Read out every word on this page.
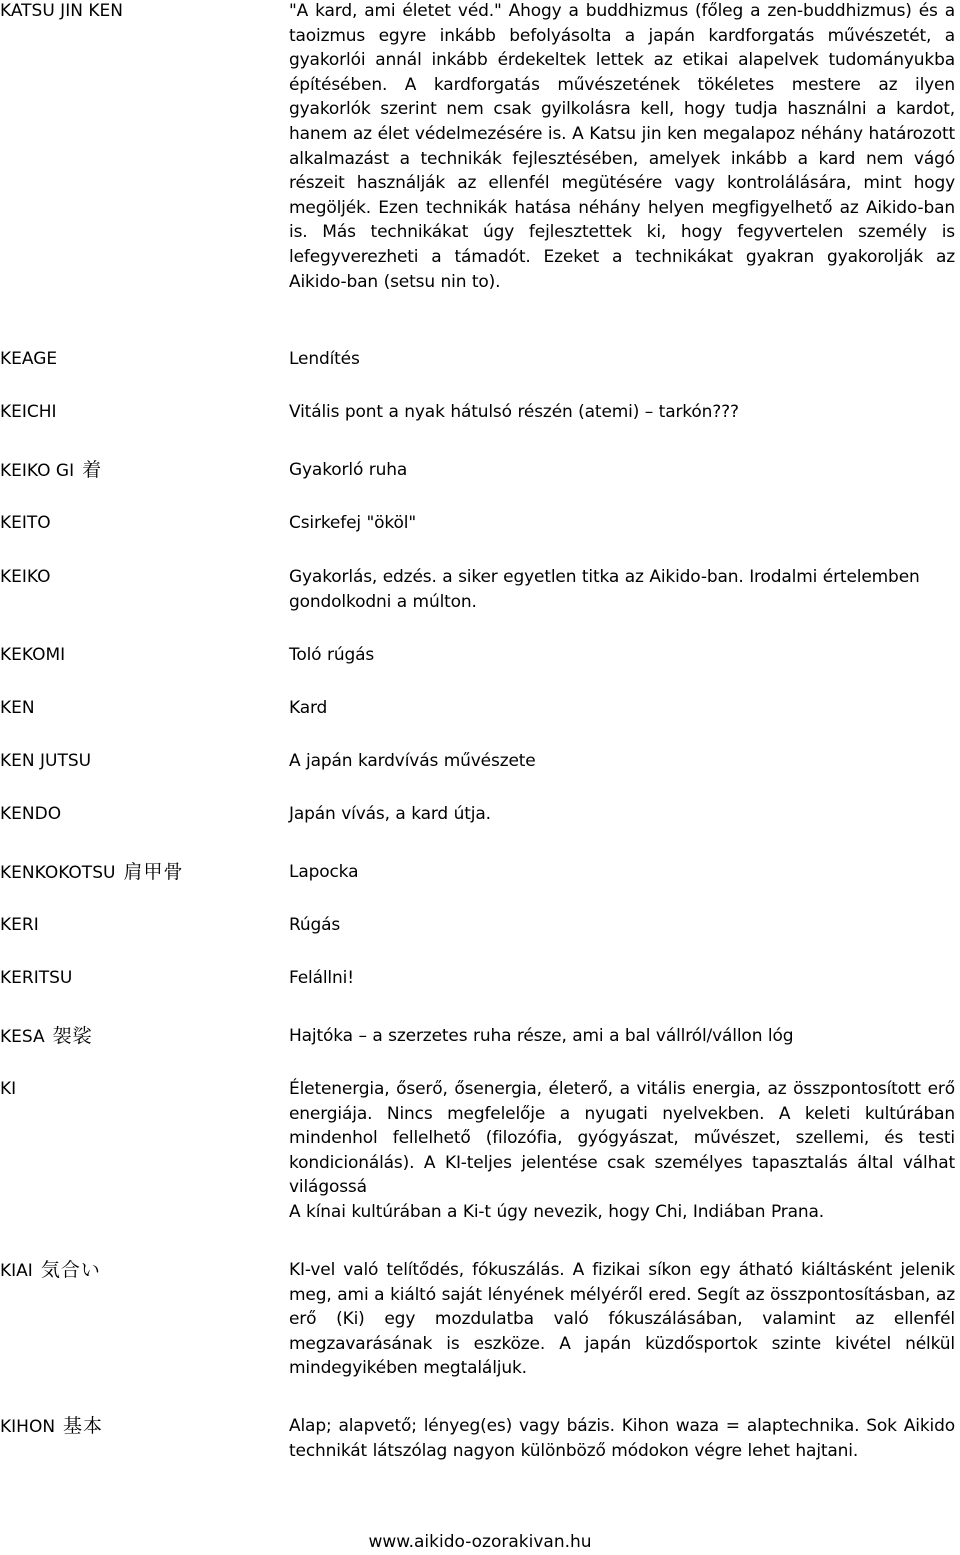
KATSU JIN KEN	"A kard, ami életet véd." Ahogy a buddhizmus (főleg a zen-buddhizmus) és a taoizmus egyre inkább befolyásolta a japán kardforgatás művészetét, a gyakorlói annál inkább érdekeltek lettek az etikai alapelvek tudományukba építésében. A kardforgatás művészetének tökéletes mestere az ilyen gyakorlók szerint nem csak gyilkolásra kell, hogy tudja használni a kardot, hanem az élet védelmezésére is. A Katsu jin ken megalapoz néhány határozott alkalmazást a technikák fejlesztésében, amelyek inkább a kard nem vágó részeit használják az ellenfél megütésére vagy kontrolálására, mint hogy megöljék. Ezen technikák hatása néhány helyen megfigyelhető az Aikido-ban is. Más technikákat úgy fejlesztettek ki, hogy fegyvertelen személy is lefegyverezheti a támadót. Ezeket a technikákat gyakran gyakorolják az Aikido-ban (setsu nin to).
KEAGE	Lendítés
KEICHI	Vitális pont a nyak hátulsó részén (atemi) – tarkón???
KEIKO GI 着	Gyakorló ruha
KEITO	Csirkefej "ököl"
KEIKO	Gyakorlás, edzés. a siker egyetlen titka az Aikido-ban. Irodalmi értelemben gondolkodni a múlton.
KEKOMI	Toló rúgás
KEN	Kard
KEN JUTSU	A japán kardvívás művészete
KENDO	Japán vívás, a kard útja.
KENKOKOTSU 肩甲骨	Lapocka
KERI	Rúgás
KERITSU	Felállni!
KESA 袈裟	Hajtóka – a szerzetes ruha része, ami a bal vállról/vállon lóg
KI	Életenergia, őserő, ősenergia, életerő, a vitális energia, az összpontosított erő energiája. Nincs megfelelője a nyugati nyelvekben. A keleti kultúrában mindenhol fellelhető (filozófia, gyógyászat, művészet, szellemi, és testi kondicionálás). A KI-teljes jelentése csak személyes tapasztalás által válhat világossá
A kínai kultúrában a Ki-t úgy nevezik, hogy Chi, Indiában Prana.
KIAI 気合い	KI-vel való telítődés, fókuszálás. A fizikai síkon egy átható kiáltásként jelenik meg, ami a kiáltó saját lényének mélyéről ered. Segít az összpontosításban, az erő (Ki) egy mozdulatba való fókuszálásában, valamint az ellenfél megzavarásának is eszköze. A japán küzdősportok szinte kivétel nélkül mindegyikében megtaláljuk.
KIHON 基本	Alap; alapvető; lényeg(es) vagy bázis. Kihon waza = alaptechnika. Sok Aikido technikát látszólag nagyon különböző módokon végre lehet hajtani.
www.aikido-ozorakivan.hu
